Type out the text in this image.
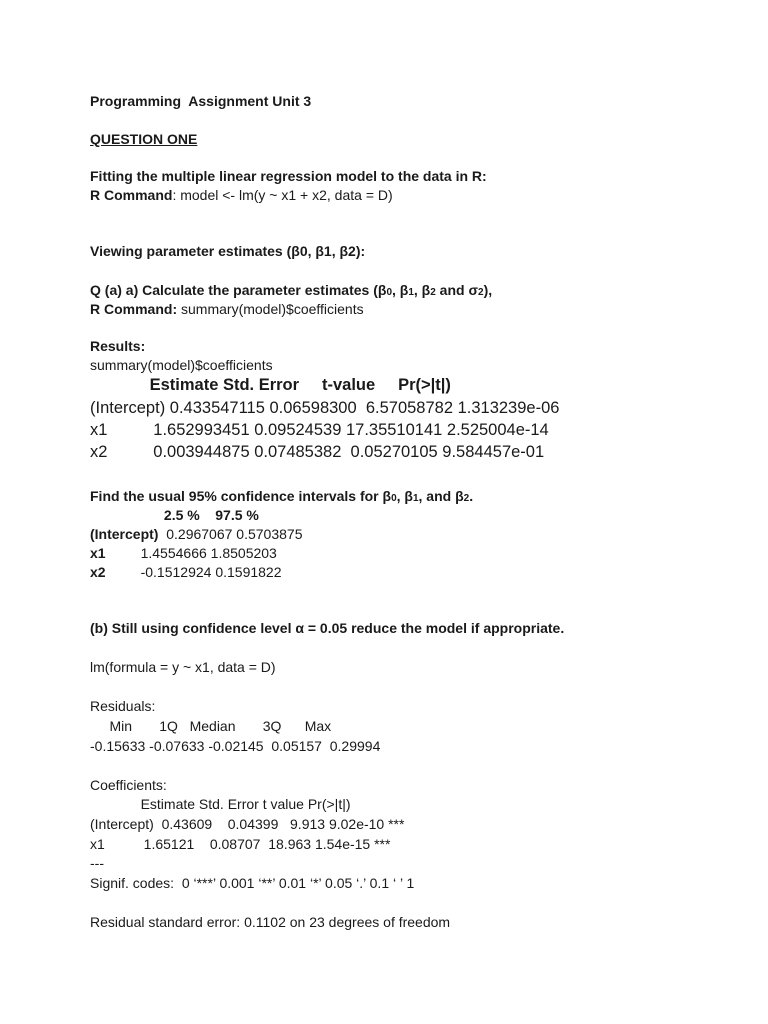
Programming  Assignment Unit 3
QUESTION ONE
Fitting the multiple linear regression model to the data in R:
R Command: model <- lm(y ~ x1 + x2, data = D)
Viewing parameter estimates (β0, β1, β2):
Q (a) a) Calculate the parameter estimates (β0, β1, β2 and σ2),
R Command: summary(model)$coefficients
Results:
summary(model)$coefficients
Estimate Std. Error     t-value     Pr(>|t|)
(Intercept) 0.433547115 0.06598300  6.57058782 1.313239e-06
x1          1.652993451 0.09524539 17.35510141 2.525004e-14
x2          0.003944875 0.07485382  0.05270105 9.584457e-01
Find the usual 95% confidence intervals for β0, β1, and β2.
2.5 %    97.5 %
(Intercept)  0.2967067 0.5703875
x1         1.4554666 1.8505203
x2         -0.1512924 0.1591822
(b) Still using confidence level α = 0.05 reduce the model if appropriate.
lm(formula = y ~ x1, data = D)
Residuals:
Min       1Q   Median       3Q      Max
-0.15633 -0.07633 -0.02145  0.05157  0.29994
Coefficients:
Estimate Std. Error t value Pr(>|t|)
(Intercept)  0.43609    0.04399   9.913 9.02e-10 ***
x1          1.65121    0.08707  18.963 1.54e-15 ***
---
Signif. codes:  0 ‘***’ 0.001 ‘**’ 0.01 ‘*’ 0.05 ‘.’ 0.1 ‘ ’ 1
Residual standard error: 0.1102 on 23 degrees of freedom
